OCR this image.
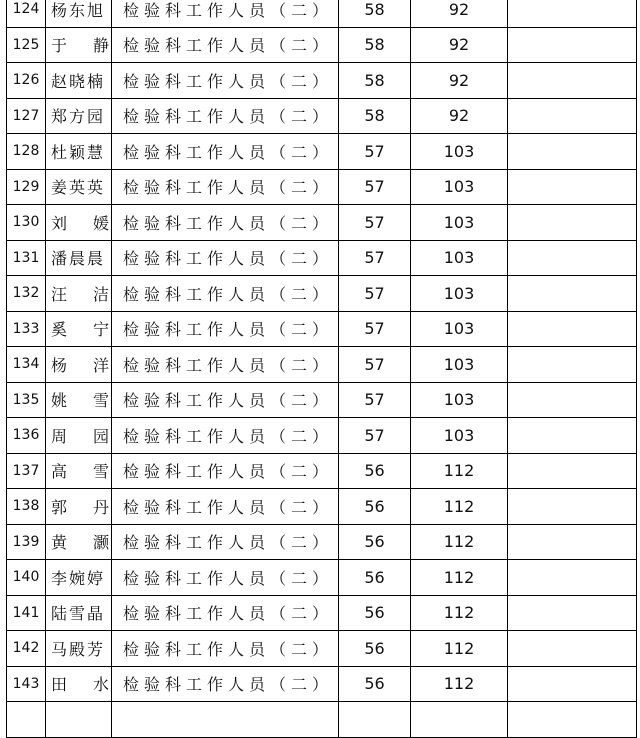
124	杨东旭	检验科工作人员（二）	58	92	
125	于静	检验科工作人员（二）	58	92	
126	赵晓楠	检验科工作人员（二）	58	92	
127	郑方园	检验科工作人员（二）	58	92	
128	杜颖慧	检验科工作人员（二）	57	103	
129	姜英英	检验科工作人员（二）	57	103	
130	刘媛	检验科工作人员（二）	57	103	
131	潘晨晨	检验科工作人员（二）	57	103	
132	汪洁	检验科工作人员（二）	57	103	
133	奚宁	检验科工作人员（二）	57	103	
134	杨洋	检验科工作人员（二）	57	103	
135	姚雪	检验科工作人员（二）	57	103	
136	周园	检验科工作人员（二）	57	103	
137	高雪	检验科工作人员（二）	56	112	
138	郭丹	检验科工作人员（二）	56	112	
139	黄灏	检验科工作人员（二）	56	112	
140	李婉婷	检验科工作人员（二）	56	112	
141	陆雪晶	检验科工作人员（二）	56	112	
142	马殿芳	检验科工作人员（二）	56	112	
143	田水	检验科工作人员（二）	56	112	
